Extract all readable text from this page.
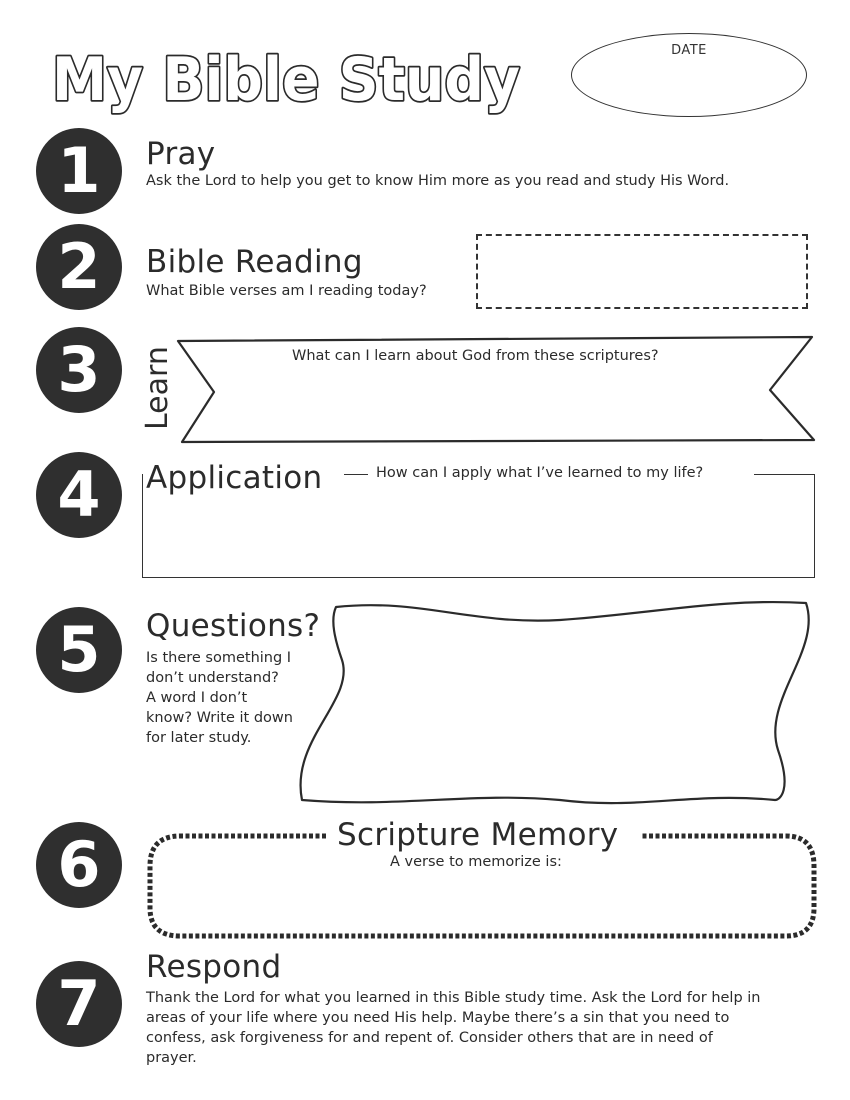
My Bible Study	DATE
1	Pray
Ask the Lord to help you get to know Him more as you read and study His Word.
2	Bible Reading
What Bible verses am I reading today?
3	Learn	What can I learn about God from these scriptures?
4	Application	How can I apply what I’ve learned to my life?
5	Questions?
Is there something I
don’t understand?
A word I don’t
know? Write it down
for later study.
6	Scripture Memory
A verse to memorize is:
7	Respond
Thank the Lord for what you learned in this Bible study time. Ask the Lord for help in
areas of your life where you need His help. Maybe there’s a sin that you need to
confess, ask forgiveness for and repent of. Consider others that are in need of
prayer.
